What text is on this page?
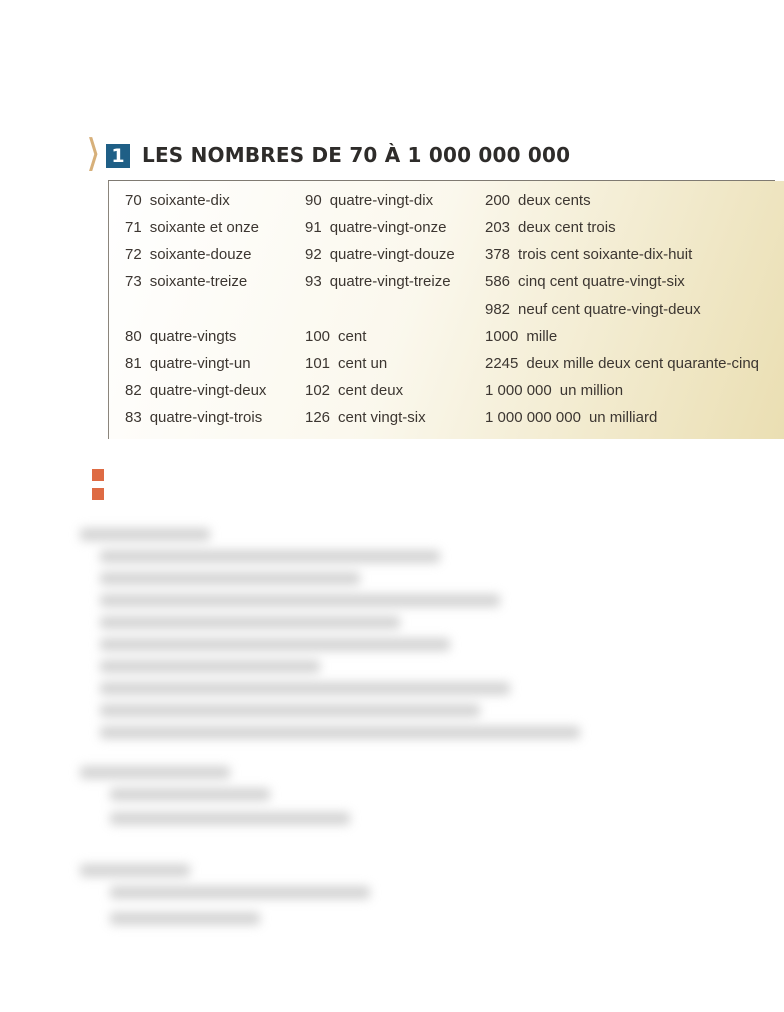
⟩ 1 LES NOMBRES DE 70 À 1 000 000 000
70 soixante-dix
71 soixante et onze
72 soixante-douze
73 soixante-treize
80 quatre-vingts
81 quatre-vingt-un
82 quatre-vingt-deux
83 quatre-vingt-trois
90 quatre-vingt-dix
91 quatre-vingt-onze
92 quatre-vingt-douze
93 quatre-vingt-treize
100 cent
101 cent un
102 cent deux
126 cent vingt-six
200 deux cents
203 deux cent trois
378 trois cent soixante-dix-huit
586 cinq cent quatre-vingt-six
982 neuf cent quatre-vingt-deux
1000 mille
2245 deux mille deux cent quarante-cinq
1 000 000 un million
1 000 000 000 un milliard
